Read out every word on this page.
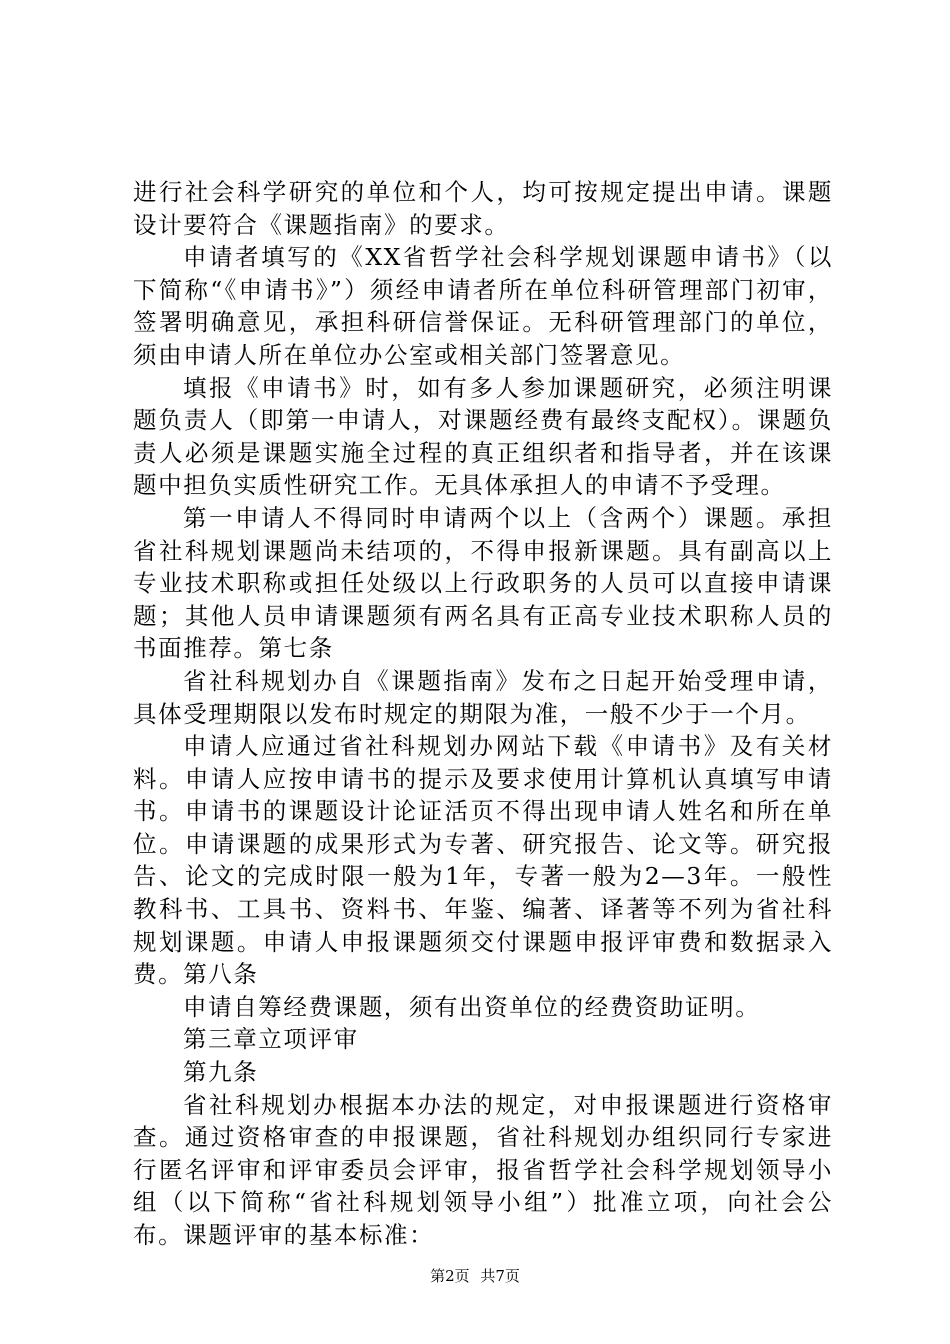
进行社会科学研究的单位和个人，均可按规定提出申请。课题设计要符合《课题指南》的要求。

申请者填写的《XX省哲学社会科学规划课题申请书》（以下简称“《申请书》”）须经申请者所在单位科研管理部门初审，签署明确意见，承担科研信誉保证。无科研管理部门的单位，须由申请人所在单位办公室或相关部门签署意见。

填报《申请书》时，如有多人参加课题研究，必须注明课题负责人（即第一申请人，对课题经费有最终支配权）。课题负责人必须是课题实施全过程的真正组织者和指导者，并在该课题中担负实质性研究工作。无具体承担人的申请不予受理。

第一申请人不得同时申请两个以上（含两个）课题。承担省社科规划课题尚未结项的，不得申报新课题。具有副高以上专业技术职称或担任处级以上行政职务的人员可以直接申请课题；其他人员申请课题须有两名具有正高专业技术职称人员的书面推荐。第七条

省社科规划办自《课题指南》发布之日起开始受理申请，具体受理期限以发布时规定的期限为准，一般不少于一个月。

申请人应通过省社科规划办网站下载《申请书》及有关材料。申请人应按申请书的提示及要求使用计算机认真填写申请书。申请书的课题设计论证活页不得出现申请人姓名和所在单位。申请课题的成果形式为专著、研究报告、论文等。研究报告、论文的完成时限一般为1年，专著一般为2—3年。一般性教科书、工具书、资料书、年鉴、编著、译著等不列为省社科规划课题。申请人申报课题须交付课题申报评审费和数据录入费。第八条

申请自筹经费课题，须有出资单位的经费资助证明。

第三章立项评审

第九条

省社科规划办根据本办法的规定，对申报课题进行资格审查。通过资格审查的申报课题，省社科规划办组织同行专家进行匿名评审和评审委员会评审，报省哲学社会科学规划领导小组（以下简称“省社科规划领导小组”）批准立项，向社会公布。课题评审的基本标准：

第2页 共7页
